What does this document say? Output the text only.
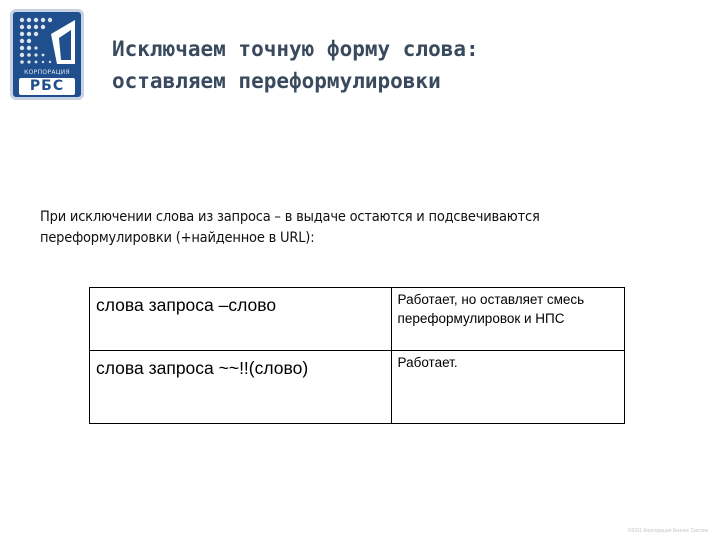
КОРПОРАЦИЯ
РБС
Исключаем точную форму слова:
оставляем переформулировки
При исключении слова из запроса – в выдаче остаются и подсвечиваются
переформулировки (+найденное в URL):
слова запроса –слово	Работает, но оставляет смесь переформулировок и НПС

слова запроса ~~!!(слово)	Работает.
©2011 Корпорация Бизнес Систем
